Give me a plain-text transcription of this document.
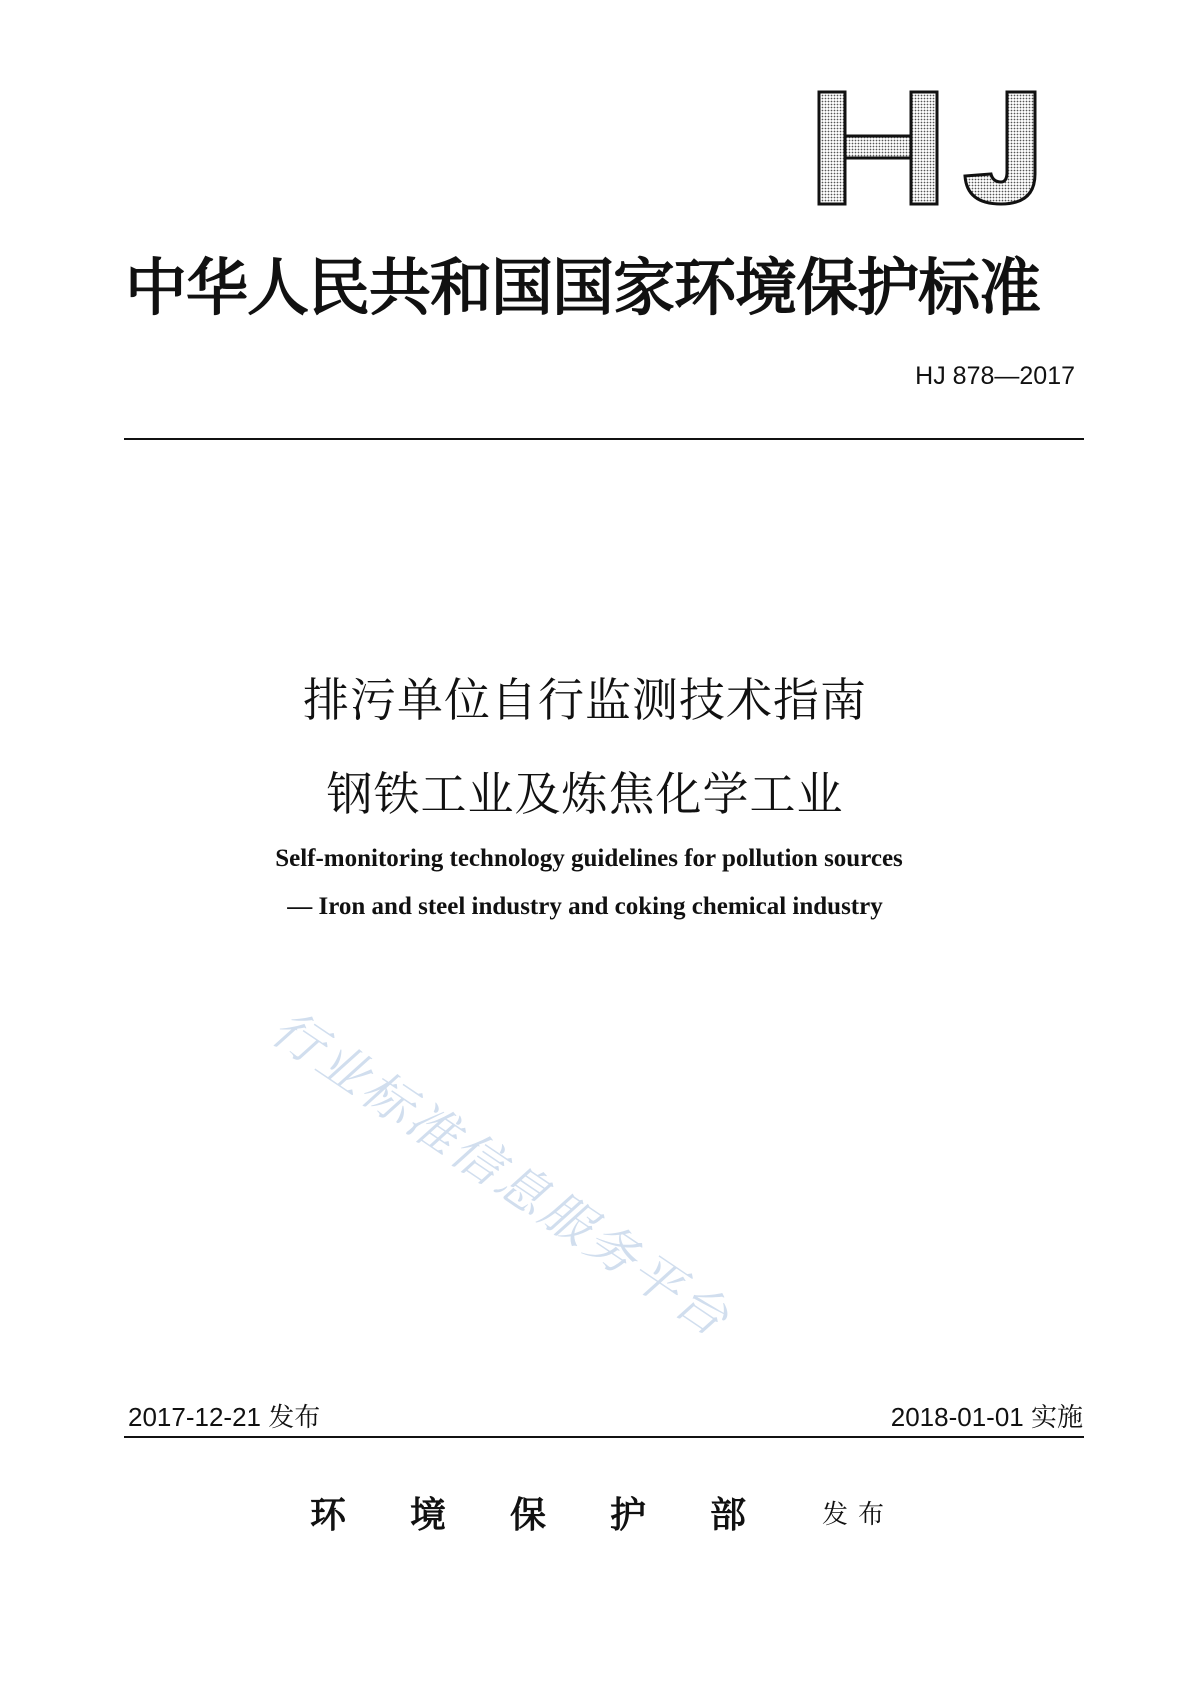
中华人民共和国国家环境保护标准
HJ 878—2017
排污单位自行监测技术指南
钢铁工业及炼焦化学工业
Self-monitoring technology guidelines for pollution sources
— Iron and steel industry and coking chemical industry
行业标准信息服务平台
2017-12-21 发布	2018-01-01 实施
环境保护部 发布
